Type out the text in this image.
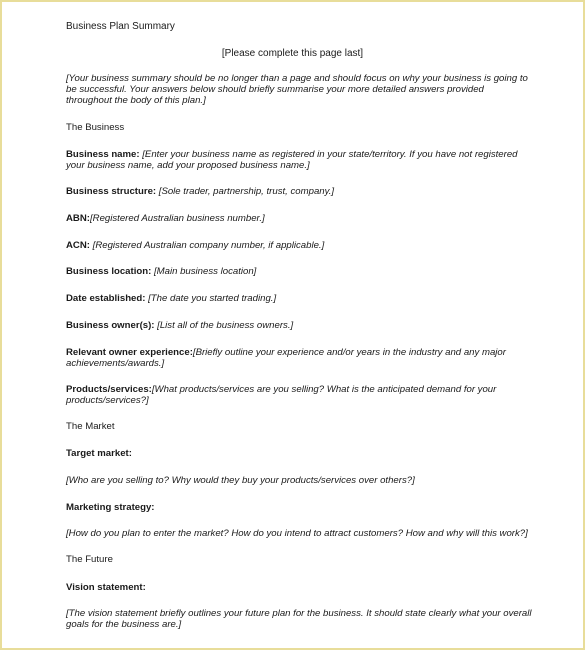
Business Plan Summary
[Please complete this page last]
[Your business summary should be no longer than a page and should focus on why your business is going to
be successful. Your answers below should briefly summarise your more detailed answers provided
throughout the body of this plan.]
The Business
Business name: [Enter your business name as registered in your state/territory. If you have not registered
your business name, add your proposed business name.]
Business structure: [Sole trader, partnership, trust, company.]
ABN:[Registered Australian business number.]
ACN: [Registered Australian company number, if applicable.]
Business location: [Main business location]
Date established: [The date you started trading.]
Business owner(s): [List all of the business owners.]
Relevant owner experience:[Briefly outline your experience and/or years in the industry and any major
achievements/awards.]
Products/services:[What products/services are you selling? What is the anticipated demand for your
products/services?]
The Market
Target market:
[Who are you selling to? Why would they buy your products/services over others?]
Marketing strategy:
[How do you plan to enter the market? How do you intend to attract customers? How and why will this work?]
The Future
Vision statement:
[The vision statement briefly outlines your future plan for the business. It should state clearly what your overall
goals for the business are.]
